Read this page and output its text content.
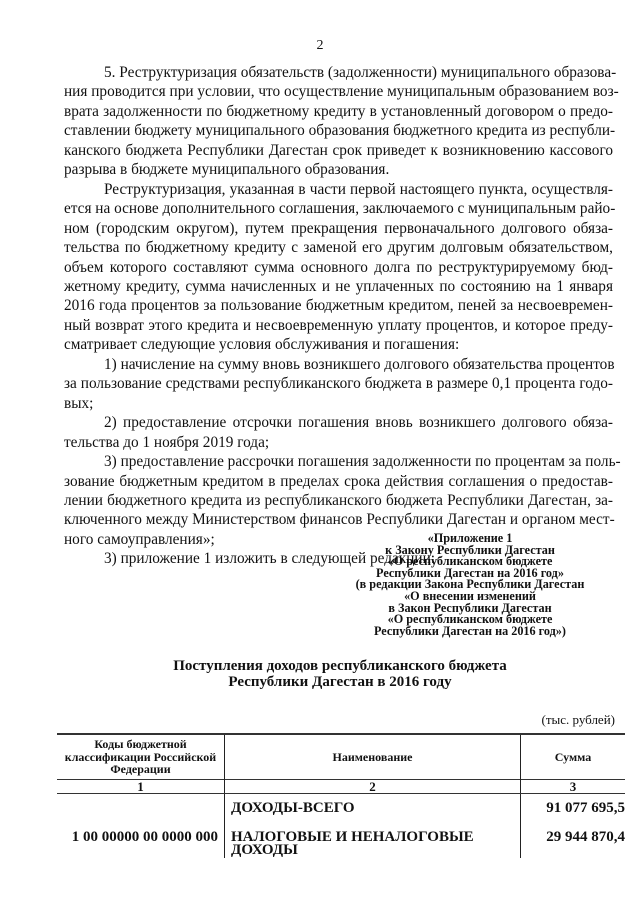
2
5. Реструктуризация обязательств (задолженности) муниципального образова-
ния проводится при условии, что осуществление муниципальным образованием воз-
врата задолженности по бюджетному кредиту в установленный договором о предо-
ставлении бюджету муниципального образования бюджетного кредита из республи-
канского бюджета Республики Дагестан срок приведет к возникновению кассового
разрыва в бюджете муниципального образования.
Реструктуризация, указанная в части первой настоящего пункта, осуществля-
ется на основе дополнительного соглашения, заключаемого с муниципальным райо-
ном (городским округом), путем прекращения первоначального долгового обяза-
тельства по бюджетному кредиту с заменой его другим долговым обязательством,
объем которого составляют сумма основного долга по реструктурируемому бюд-
жетному кредиту, сумма начисленных и не уплаченных по состоянию на 1 января
2016 года процентов за пользование бюджетным кредитом, пеней за несвоевремен-
ный возврат этого кредита и несвоевременную уплату процентов, и которое преду-
сматривает следующие условия обслуживания и погашения:
1) начисление на сумму вновь возникшего долгового обязательства процентов
за пользование средствами республиканского бюджета в размере 0,1 процента годо-
вых;
2) предоставление отсрочки погашения вновь возникшего долгового обяза-
тельства до 1 ноября 2019 года;
3) предоставление рассрочки погашения задолженности по процентам за поль-
зование бюджетным кредитом в пределах срока действия соглашения о предостав-
лении бюджетного кредита из республиканского бюджета Республики Дагестан, за-
ключенного между Министерством финансов Республики Дагестан и органом мест-
ного самоуправления»;
3) приложение 1 изложить в следующей редакции:
«Приложение 1
к Закону Республики Дагестан
«О республиканском бюджете
Республики Дагестан на 2016 год»
(в редакции Закона Республики Дагестан
«О внесении изменений
в Закон Республики Дагестан
«О республиканском бюджете
Республики Дагестан на 2016 год»)
Поступления доходов республиканского бюджета
Республики Дагестан в 2016 году
(тыс. рублей)
Коды бюджетной классификации Российской Федерации	Наименование	Сумма
1	2	3
	ДОХОДЫ-ВСЕГО	91 077 695,5
1 00 00000 00 0000 000	НАЛОГОВЫЕ И НЕНАЛОГОВЫЕ ДОХОДЫ	29 944 870,4
